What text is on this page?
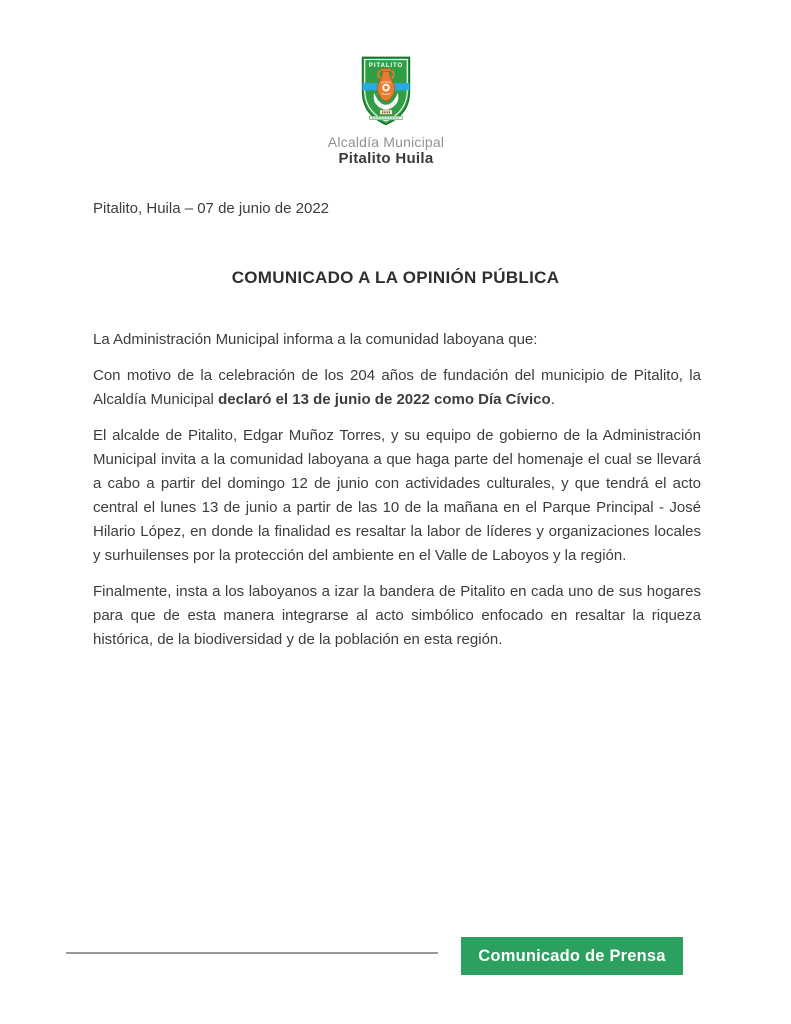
PITALITO
Alcaldía Municipal
Pitalito Huila
Pitalito, Huila – 07 de junio de 2022
COMUNICADO A LA OPINIÓN PÚBLICA

La Administración Municipal informa a la comunidad laboyana que:

Con motivo de la celebración de los 204 años de fundación del municipio de Pitalito, la Alcaldía Municipal declaró el 13 de junio de 2022 como Día Cívico.

El alcalde de Pitalito, Edgar Muñoz Torres, y su equipo de gobierno de la Administración Municipal invita a la comunidad laboyana a que haga parte del homenaje el cual se llevará a cabo a partir del domingo 12 de junio con actividades culturales, y que tendrá el acto central el lunes 13 de junio a partir de las 10 de la mañana en el Parque Principal - José Hilario López, en donde la finalidad es resaltar la labor de líderes y organizaciones locales y surhuilenses por la protección del ambiente en el Valle de Laboyos y la región.

Finalmente, insta a los laboyanos a izar la bandera de Pitalito en cada uno de sus hogares para que de esta manera integrarse al acto simbólico enfocado en resaltar la riqueza histórica, de la biodiversidad y de la población en esta región.

Comunicado de Prensa
